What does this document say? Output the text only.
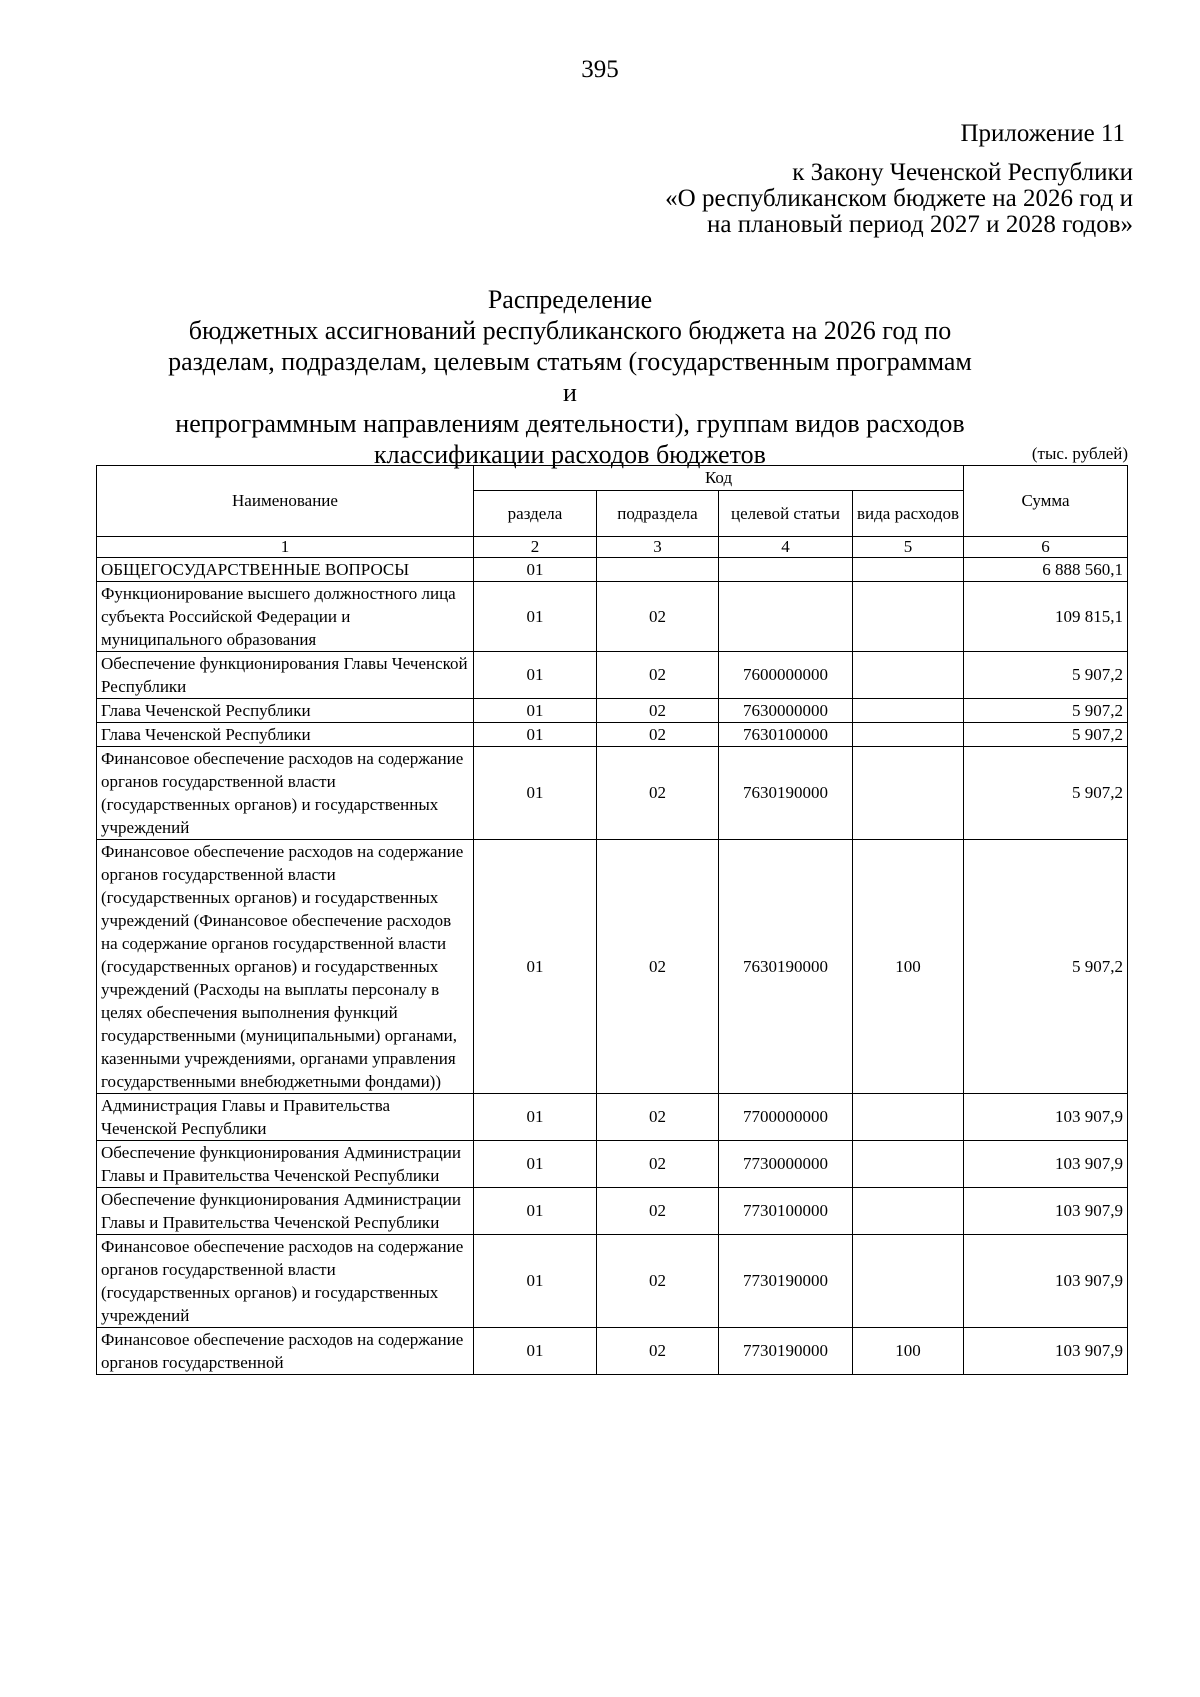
395
Приложение 11
к Закону Чеченской Республики
«О республиканском бюджете на 2026 год и
на плановый период 2027 и 2028 годов»
Распределение
бюджетных ассигнований республиканского бюджета на 2026 год по
разделам, подразделам, целевым статьям (государственным программам и
непрограммным направлениям деятельности), группам видов расходов
классификации расходов бюджетов	(тыс. рублей)
Наименование	Код				Сумма
	раздела	подраздела	целевой статьи	вида расходов	
1	2	3	4	5	6
ОБЩЕГОСУДАРСТВЕННЫЕ ВОПРОСЫ	01				6 888 560,1
Функционирование высшего должностного лица субъекта Российской Федерации и муниципального образования	01	02			109 815,1
Обеспечение функционирования Главы Чеченской Республики	01	02	7600000000		5 907,2
Глава Чеченской Республики	01	02	7630000000		5 907,2
Глава Чеченской Республики	01	02	7630100000		5 907,2
Финансовое обеспечение расходов на содержание органов государственной власти (государственных органов) и государственных учреждений	01	02	7630190000		5 907,2
Финансовое обеспечение расходов на содержание органов государственной власти (государственных органов) и государственных учреждений (Финансовое обеспечение расходов на содержание органов государственной власти (государственных органов) и государственных учреждений (Расходы на выплаты персоналу в целях обеспечения выполнения функций государственными (муниципальными) органами, казенными учреждениями, органами управления государственными внебюджетными фондами))	01	02	7630190000	100	5 907,2
Администрация Главы и Правительства Чеченской Республики	01	02	7700000000		103 907,9
Обеспечение функционирования Администрации Главы и Правительства Чеченской Республики	01	02	7730000000		103 907,9
Обеспечение функционирования Администрации Главы и Правительства Чеченской Республики	01	02	7730100000		103 907,9
Финансовое обеспечение расходов на содержание органов государственной власти (государственных органов) и государственных учреждений	01	02	7730190000		103 907,9
Финансовое обеспечение расходов на содержание органов государственной	01	02	7730190000	100	103 907,9
